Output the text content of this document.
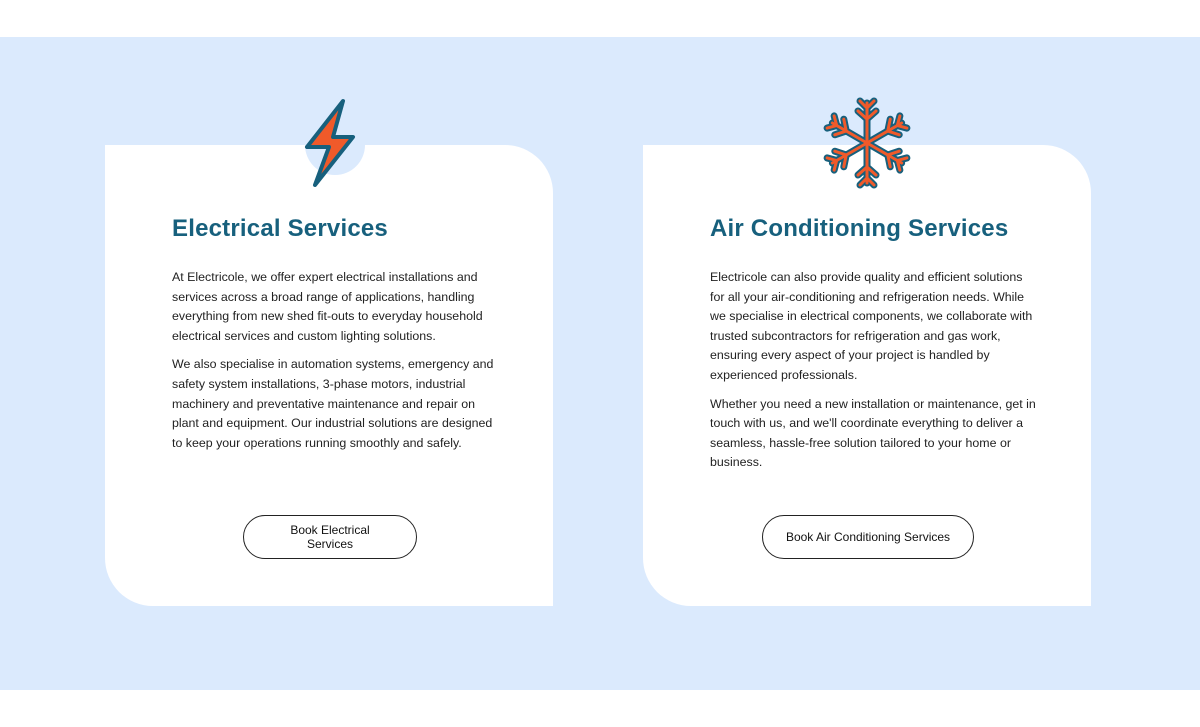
Electrical Services

At Electricole, we offer expert electrical installations and services across a broad range of applications, handling everything from new shed fit-outs to everyday household electrical services and custom lighting solutions.

We also specialise in automation systems, emergency and safety system installations, 3-phase motors, industrial machinery and preventative maintenance and repair on plant and equipment. Our industrial solutions are designed to keep your operations running smoothly and safely.

Book Electrical Services
Air Conditioning Services

Electricole can also provide quality and efficient solutions for all your air-conditioning and refrigeration needs. While we specialise in electrical components, we collaborate with trusted subcontractors for refrigeration and gas work, ensuring every aspect of your project is handled by experienced professionals.

Whether you need a new installation or maintenance, get in touch with us, and we'll coordinate everything to deliver a seamless, hassle-free solution tailored to your home or business.

Book Air Conditioning Services
